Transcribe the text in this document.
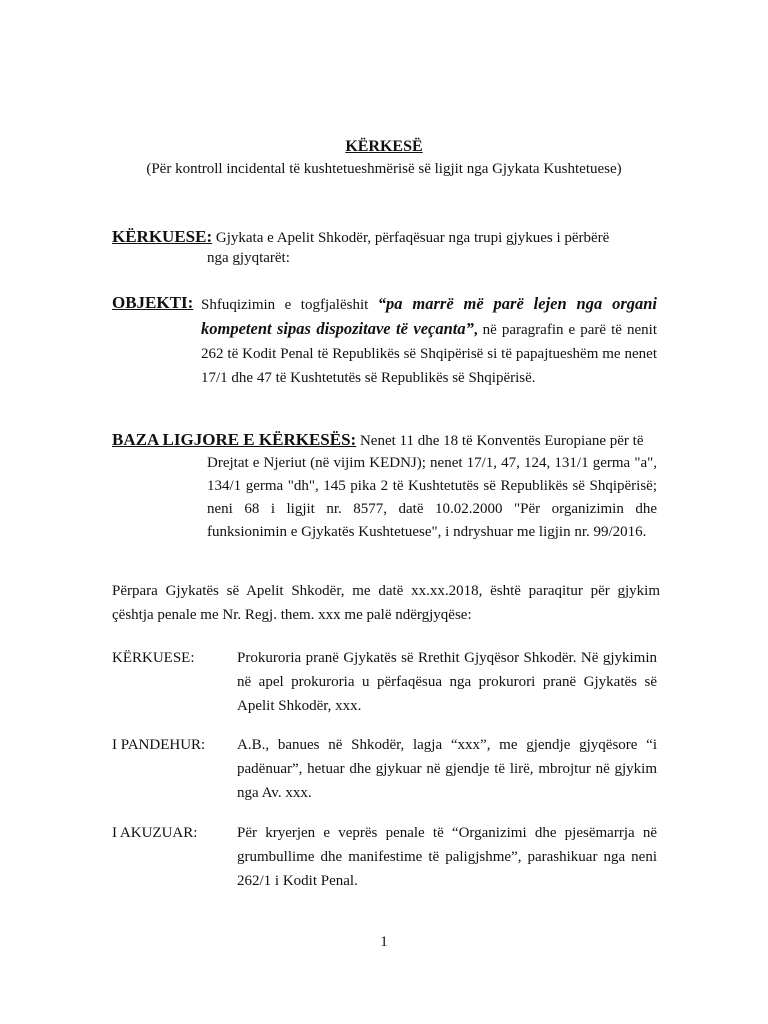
KËRKESË
(Për kontroll incidental të kushtetueshmërisë së ligjit nga Gjykata Kushtetuese)
KËRKUESE: Gjykata e Apelit Shkodër, përfaqësuar nga trupi gjykues i përbërë
nga gjyqtarët:
OBJEKTI: Shfuqizimin e togfjalëshit “pa marrë më parë lejen nga organi kompetent sipas dispozitave të veçanta”, në paragrafin e parë të nenit 262 të Kodit Penal të Republikës së Shqipërisë si të papajtueshëm me nenet 17/1 dhe 47 të Kushtetutës së Republikës së Shqipërisë.
BAZA LIGJORE E KËRKESËS: Nenet 11 dhe 18 të Konventës Europiane për të
Drejtat e Njeriut (në vijim KEDNJ); nenet 17/1, 47, 124, 131/1 germa "a", 134/1 germa "dh", 145 pika 2 të Kushtetutës së Republikës së Shqipërisë; neni 68 i ligjit nr. 8577, datë 10.02.2000 "Për organizimin dhe funksionimin e Gjykatës Kushtetuese", i ndryshuar me ligjin nr. 99/2016.
Përpara Gjykatës së Apelit Shkodër, me datë xx.xx.2018, është paraqitur për gjykim çështja penale me Nr. Regj. them. xxx me palë ndërgjyqëse:
KËRKUESE:	Prokuroria pranë Gjykatës së Rrethit Gjyqësor Shkodër. Në gjykimin në apel prokuroria u përfaqësua nga prokurori pranë Gjykatës së Apelit Shkodër, xxx.
I PANDEHUR: A.B., banues në Shkodër, lagja “xxx”, me gjendje gjyqësore “i padënuar”, hetuar dhe gjykuar në gjendje të lirë, mbrojtur në gjykim nga Av. xxx.
I AKUZUAR:	Për kryerjen e veprës penale të “Organizimi dhe pjesëmarrja në grumbullime dhe manifestime të paligjshme”, parashikuar nga neni 262/1 i Kodit Penal.
1
